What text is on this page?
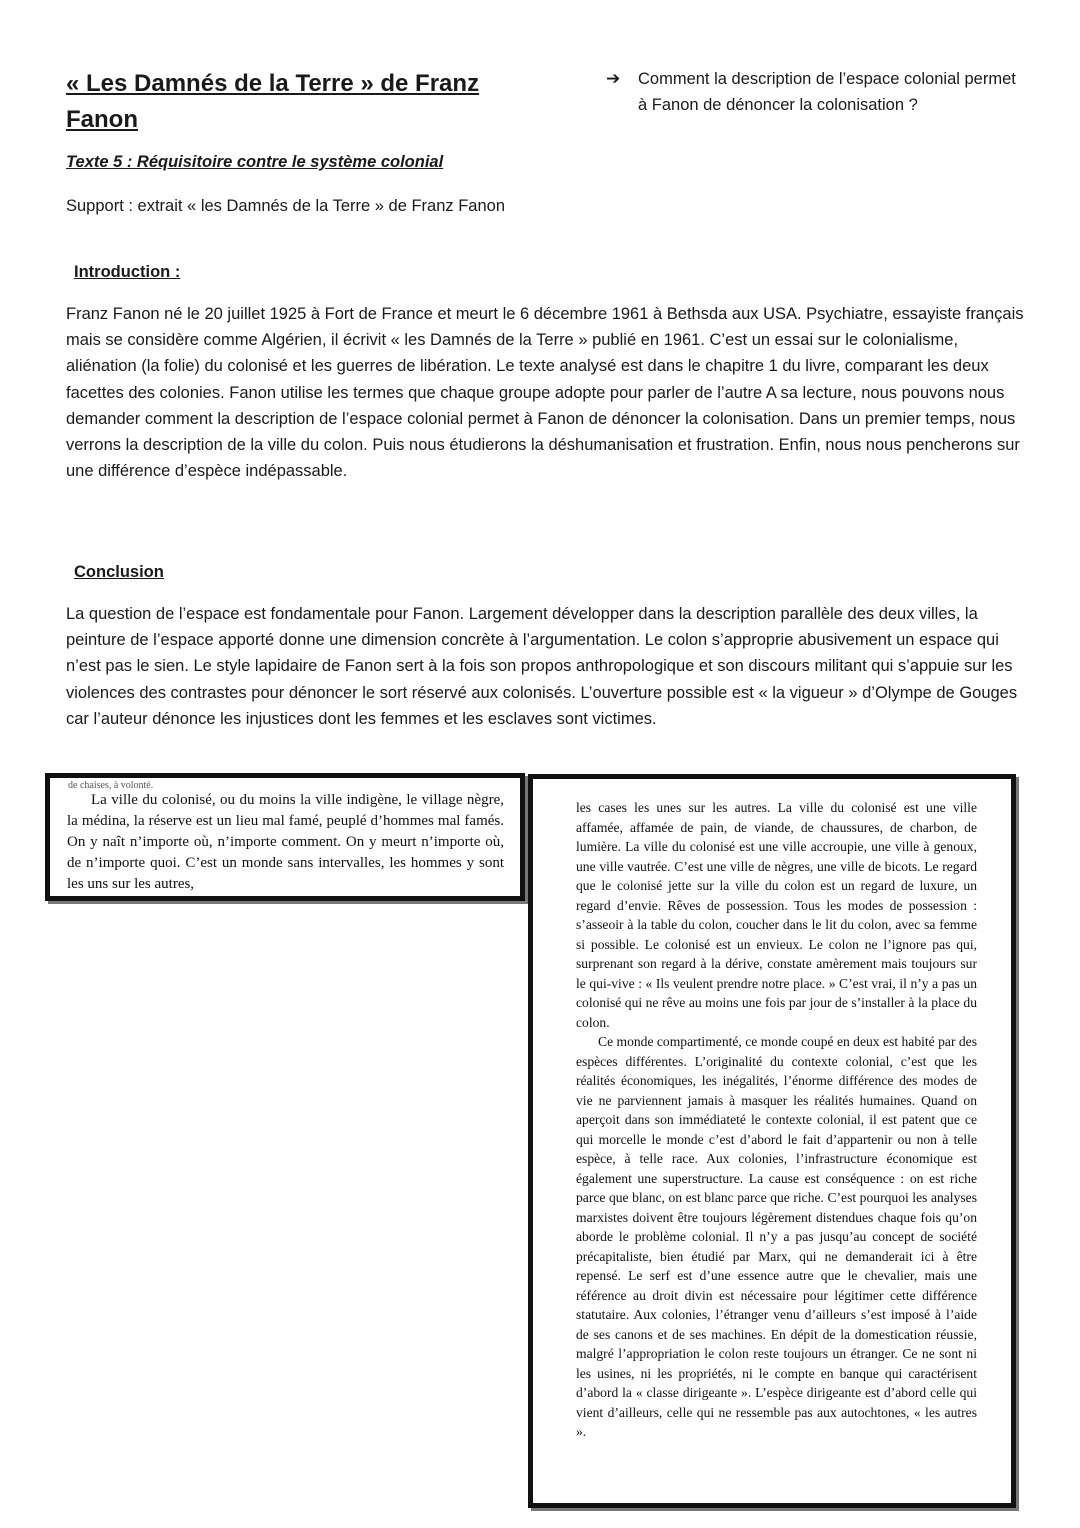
« Les Damnés de la Terre » de Franz Fanon
➔ Comment la description de l’espace colonial permet à Fanon de dénoncer la colonisation ?
Texte 5 : Réquisitoire contre le système colonial

Support : extrait « les Damnés de la Terre » de Franz Fanon

Introduction :

Franz Fanon né le 20 juillet 1925 à Fort de France et meurt le 6 décembre 1961 à Bethsda aux USA. Psychiatre, essayiste français mais se considère comme Algérien, il écrivit « les Damnés de la Terre » publié en 1961. C’est un essai sur le colonialisme, aliénation (la folie) du colonisé et les guerres de libération. Le texte analysé est dans le chapitre 1 du livre, comparant les deux facettes des colonies. Fanon utilise les termes que chaque groupe adopte pour parler de l’autre A sa lecture, nous pouvons nous demander comment la description de l’espace colonial permet à Fanon de dénoncer la colonisation. Dans un premier temps, nous verrons la description de la ville du colon. Puis nous étudierons la déshumanisation et frustration. Enfin, nous nous pencherons sur une différence d’espèce indépassable.

Conclusion

La question de l’espace est fondamentale pour Fanon. Largement développer dans la description parallèle des deux villes, la peinture de l’espace apporté donne une dimension concrète à l’argumentation. Le colon s’approprie abusivement un espace qui n’est pas le sien. Le style lapidaire de Fanon sert à la fois son propos anthropologique et son discours militant qui s’appuie sur les violences des contrastes pour dénoncer le sort réservé aux colonisés. L’ouverture possible est « la vigueur » d’Olympe de Gouges car l’auteur dénonce les injustices dont les femmes et les esclaves sont victimes.

de chaises, à volonté.

La ville du colonisé, ou du moins la ville indigène, le village nègre, la médina, la réserve est un lieu mal famé, peuplé d’hommes mal famés. On y naît n’importe où, n’importe comment. On y meurt n’importe où, de n’importe quoi. C’est un monde sans intervalles, les hommes y sont les uns sur les autres,

les cases les unes sur les autres. La ville du colonisé est une ville affamée, affamée de pain, de viande, de chaussures, de charbon, de lumière. La ville du colonisé est une ville accroupie, une ville à genoux, une ville vautrée. C’est une ville de nègres, une ville de bicots. Le regard que le colonisé jette sur la ville du colon est un regard de luxure, un regard d’envie. Rêves de possession. Tous les modes de possession : s’asseoir à la table du colon, coucher dans le lit du colon, avec sa femme si possible. Le colonisé est un envieux. Le colon ne l’ignore pas qui, surprenant son regard à la dérive, constate amèrement mais toujours sur le qui-vive : « Ils veulent prendre notre place. » C’est vrai, il n’y a pas un colonisé qui ne rêve au moins une fois par jour de s’installer à la place du colon.

Ce monde compartimenté, ce monde coupé en deux est habité par des espèces différentes. L’originalité du contexte colonial, c’est que les réalités économiques, les inégalités, l’énorme différence des modes de vie ne parviennent jamais à masquer les réalités humaines. Quand on aperçoit dans son immédiateté le contexte colonial, il est patent que ce qui morcelle le monde c’est d’abord le fait d’appartenir ou non à telle espèce, à telle race. Aux colonies, l’infrastructure économique est également une superstructure. La cause est conséquence : on est riche parce que blanc, on est blanc parce que riche. C’est pourquoi les analyses marxistes doivent être toujours légèrement distendues chaque fois qu’on aborde le problème colonial. Il n’y a pas jusqu’au concept de société précapitaliste, bien étudié par Marx, qui ne demanderait ici à être repensé. Le serf est d’une essence autre que le chevalier, mais une référence au droit divin est nécessaire pour légitimer cette différence statutaire. Aux colonies, l’étranger venu d’ailleurs s’est imposé à l’aide de ses canons et de ses machines. En dépit de la domestication réussie, malgré l’appropriation le colon reste toujours un étranger. Ce ne sont ni les usines, ni les propriétés, ni le compte en banque qui caractérisent d’abord la « classe dirigeante ». L’espèce dirigeante est d’abord celle qui vient d’ailleurs, celle qui ne ressemble pas aux autochtones, « les autres ».
